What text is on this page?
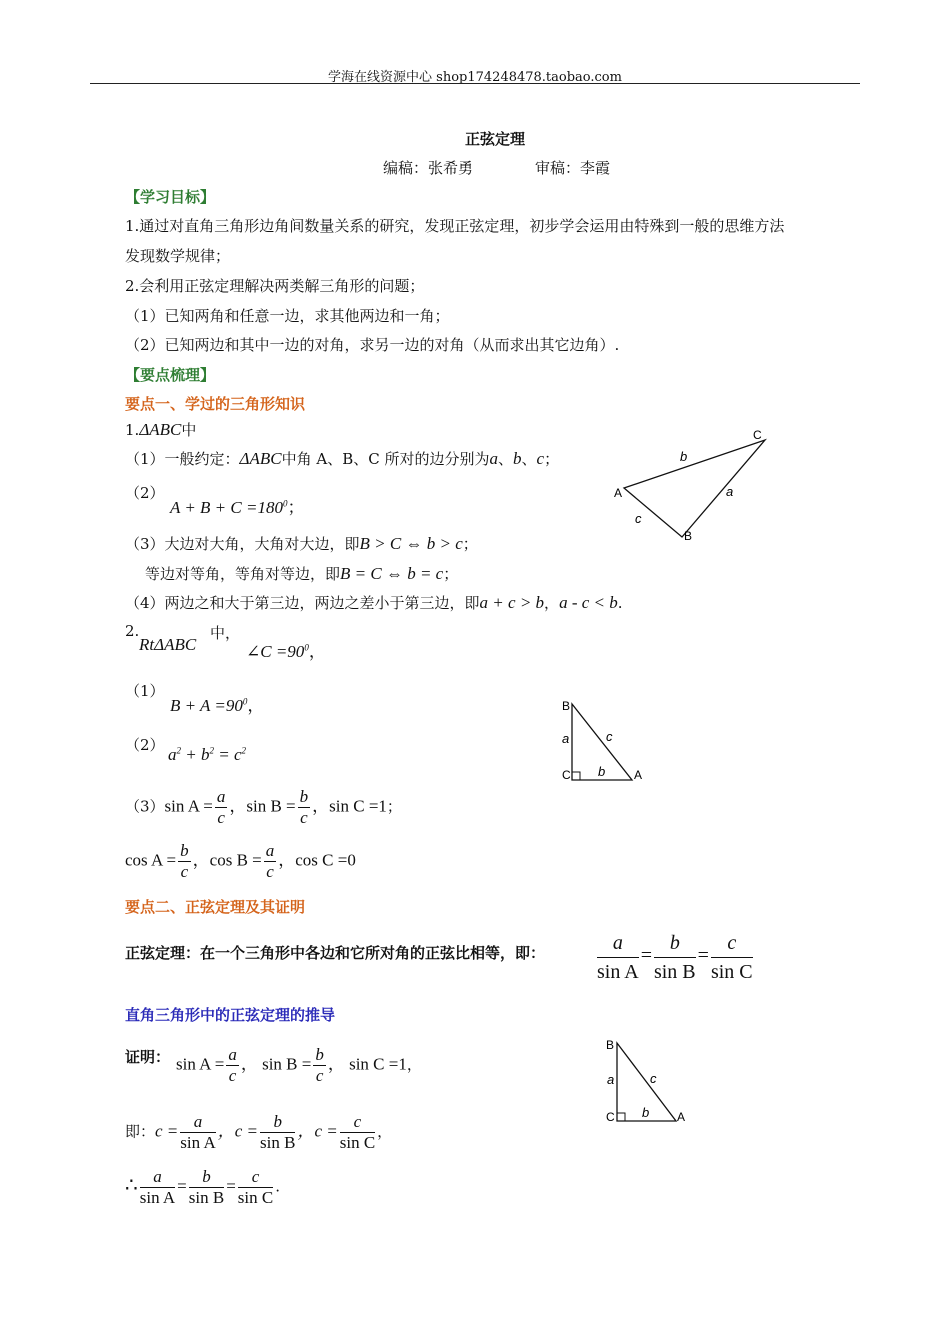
学海在线资源中心 shop174248478.taobao.com
正弦定理
编稿：张希勇	审稿：李霞
【学习目标】
1.通过对直角三角形边角间数量关系的研究，发现正弦定理，初步学会运用由特殊到一般的思维方法
发现数学规律；
2.会利用正弦定理解决两类解三角形的问题；
（1）已知两角和任意一边，求其他两边和一角；
（2）已知两边和其中一边的对角，求另一边的对角（从而求出其它边角）.
【要点梳理】
要点一、学过的三角形知识
1.ΔABC中
（1）一般约定：ΔABC中角 A、B、C 所对的边分别为a、b、c；
（2）
$A + B + C =180^0$；
（3）大边对大角，大角对大边，即B > C ⇔ b > c；
等边对等角，等角对等边，即B = C ⇔ b = c；
（4）两边之和大于第三边，两边之差小于第三边，即a + c > b，a - c < b.
2.
RtΔABC
中，
∠C $=90^0$，
（1）
$B + A =90^0$，
（2） $a^2 + b^2 = c^2$
（3）sin $A = \frac{a}{c}$ ，$\sin B = \frac{b}{c}$ ，sin C =1；
$\cos A = \frac{b}{c}$ ，$\cos B = \frac{a}{c}$ ，cos C =0
要点二、正弦定理及其证明
正弦定理：在一个三角形中各边和它所对角的正弦比相等，即：	$\frac{a}{\text{sin A}} = \frac{b}{\text{sin B}} = \frac{c}{\text{sin C}}$
直角三角形中的正弦定理的推导
证明： $\sin A = \frac{a}{c}$ ， $\sin B = \frac{b}{c}$ ， sin C =1，
即：$c = \frac{a}{\text{sin A}}$ ，$c = \frac{b}{\text{sin B}}$ ，$c = \frac{c}{\text{sin C}}$ ，
∴ $\frac{a}{\text{sin A}} = \frac{b}{\text{sin B}} = \frac{c}{\text{sin C}}$ .
A
C
B
b
a
c
B
C	A
a	c
b
B
C	A
a	c
b
